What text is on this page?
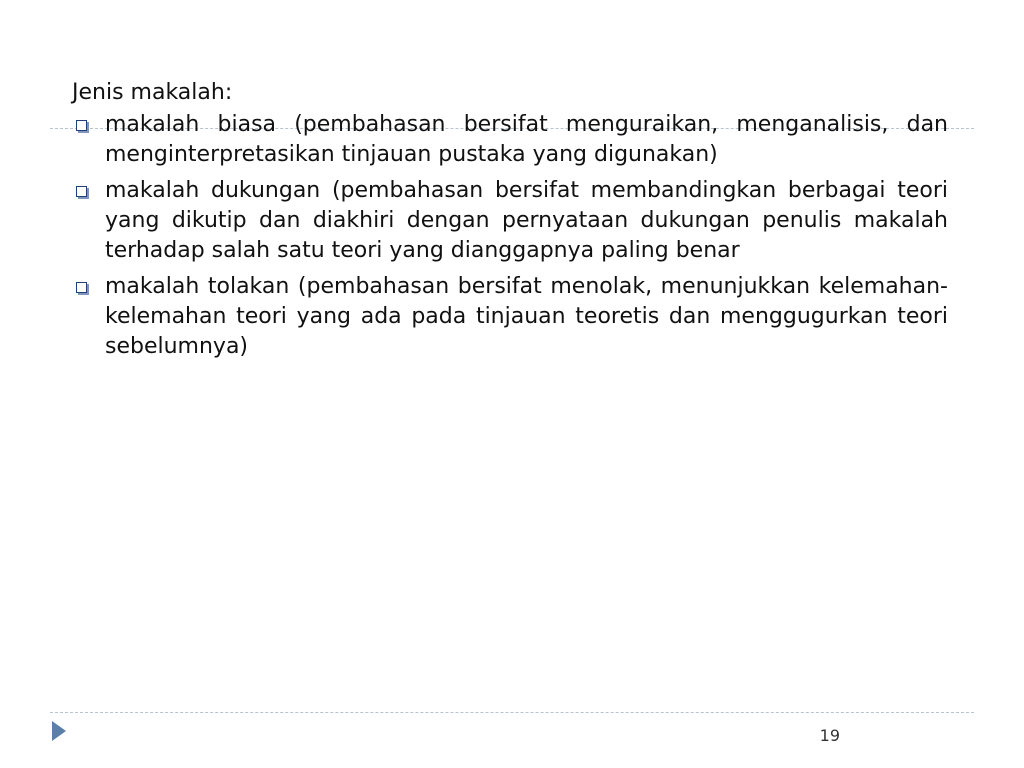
Jenis makalah:
makalah biasa (pembahasan bersifat menguraikan, menganalisis, dan menginterpretasikan tinjauan pustaka yang digunakan)
makalah dukungan (pembahasan bersifat membandingkan berbagai teori yang dikutip dan diakhiri dengan pernyataan dukungan penulis makalah terhadap salah satu teori yang dianggapnya paling benar
makalah tolakan (pembahasan bersifat menolak, menunjukkan kelemahan-kelemahan teori yang ada pada tinjauan teoretis dan menggugurkan teori sebelumnya)
19
